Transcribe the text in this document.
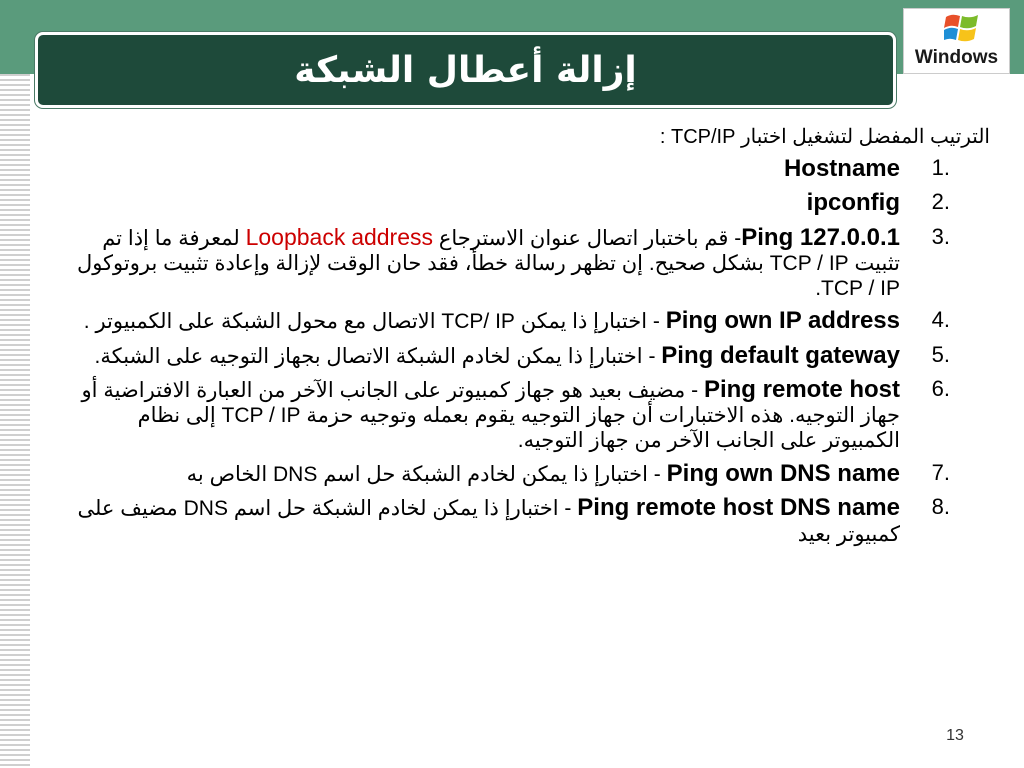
إزالة أعطال الشبكة	Windows
الترتيب المفضل لتشغيل اختبار TCP/IP :
1.
Hostname
2.
ipconfig
3.
Ping 127.0.0.1- قم باختبار اتصال عنوان الاسترجاع Loopback address لمعرفة ما إذا تم تثبيت TCP / IP بشكل صحيح. إن تظهر رسالة خطأ، فقد حان الوقت لإزالة وإعادة تثبيت بروتوكول TCP / IP.
4.
Ping own IP address - اختبارإ ذا يمكن TCP/ IP الاتصال مع محول الشبكة على الكمبيوتر .
5.
Ping default gateway - اختبارإ ذا يمكن لخادم الشبكة الاتصال بجهاز التوجيه على الشبكة.
6.
Ping remote host - مضيف بعيد هو جهاز كمبيوتر على الجانب الآخر من العبارة الافتراضية أو جهاز التوجيه. هذه الاختبارات أن جهاز التوجيه يقوم بعمله وتوجيه حزمة TCP / IP إلى نظام الكمبيوتر على الجانب الآخر من جهاز التوجيه.
7.
Ping own DNS name - اختبارإ ذا يمكن لخادم الشبكة حل اسم DNS الخاص به
8.
Ping remote host DNS name - اختبارإ ذا يمكن لخادم الشبكة حل اسم DNS مضيف على كمبيوتر بعيد
13
